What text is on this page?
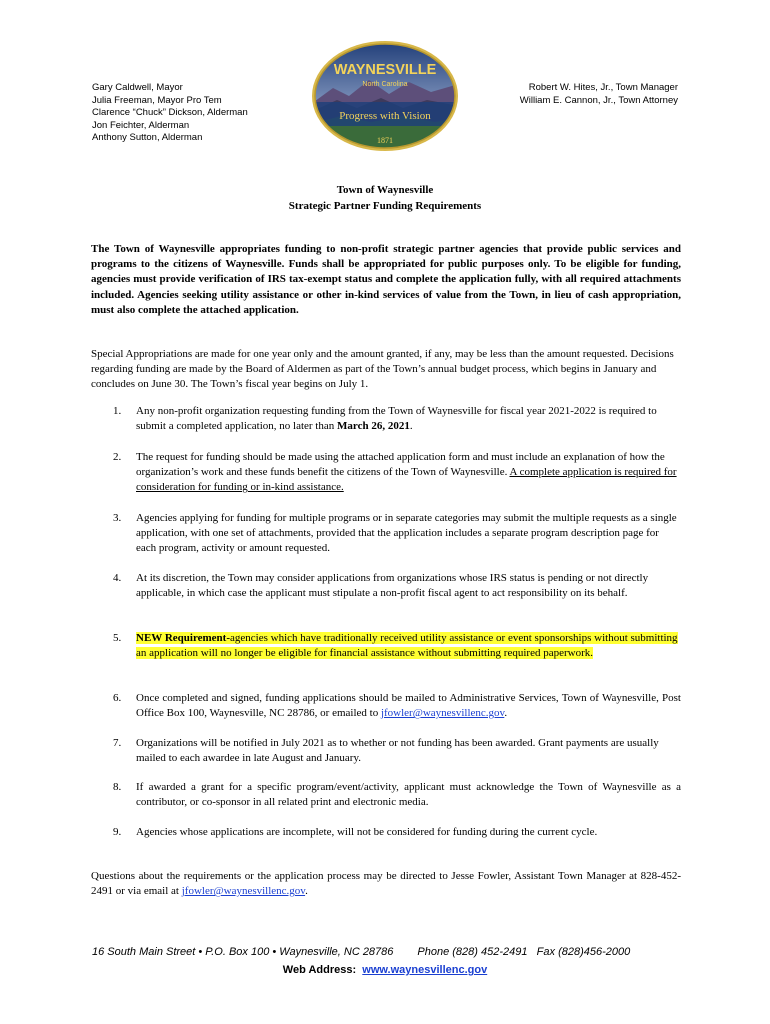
Gary Caldwell, Mayor
Julia Freeman, Mayor Pro Tem
Clarence “Chuck” Dickson, Alderman
Jon Feichter, Alderman
Anthony Sutton, Alderman
Robert W. Hites, Jr., Town Manager
William E. Cannon, Jr., Town Attorney
WAYNESVILLE
North Carolina
Progress with Vision
1871
Town of Waynesville
Strategic Partner Funding Requirements
The Town of Waynesville appropriates funding to non-profit strategic partner agencies that provide public services and programs to the citizens of Waynesville. Funds shall be appropriated for public purposes only. To be eligible for funding, agencies must provide verification of IRS tax-exempt status and complete the application fully, with all required attachments included. Agencies seeking utility assistance or other in-kind services of value from the Town, in lieu of cash appropriation, must also complete the attached application.
Special Appropriations are made for one year only and the amount granted, if any, may be less than the amount requested. Decisions regarding funding are made by the Board of Aldermen as part of the Town’s annual budget process, which begins in January and concludes on June 30. The Town’s fiscal year begins on July 1.
1.	Any non-profit organization requesting funding from the Town of Waynesville for fiscal year 2021-2022 is required to submit a completed application, no later than March 26, 2021.
2.	The request for funding should be made using the attached application form and must include an explanation of how the organization’s work and these funds benefit the citizens of the Town of Waynesville. A complete application is required for consideration for funding or in-kind assistance.
3.	Agencies applying for funding for multiple programs or in separate categories may submit the multiple requests as a single application, with one set of attachments, provided that the application includes a separate program description page for each program, activity or amount requested.
4.	At its discretion, the Town may consider applications from organizations whose IRS status is pending or not directly applicable, in which case the applicant must stipulate a non-profit fiscal agent to act responsibility on its behalf.
5.	NEW Requirement-agencies which have traditionally received utility assistance or event sponsorships without submitting an application will no longer be eligible for financial assistance without submitting required paperwork.
6.	Once completed and signed, funding applications should be mailed to Administrative Services, Town of Waynesville, Post Office Box 100, Waynesville, NC 28786, or emailed to jfowler@waynesvillenc.gov.
7.	Organizations will be notified in July 2021 as to whether or not funding has been awarded. Grant payments are usually mailed to each awardee in late August and January.
8.	If awarded a grant for a specific program/event/activity, applicant must acknowledge the Town of Waynesville as a contributor, or co-sponsor in all related print and electronic media.
9.	Agencies whose applications are incomplete, will not be considered for funding during the current cycle.
Questions about the requirements or the application process may be directed to Jesse Fowler, Assistant Town Manager at 828-452-2491 or via email at jfowler@waynesvillenc.gov.
16 South Main Street • P.O. Box 100 • Waynesville, NC 28786 Phone (828) 452-2491 Fax (828)456-2000
Web Address: www.waynesvillenc.gov
